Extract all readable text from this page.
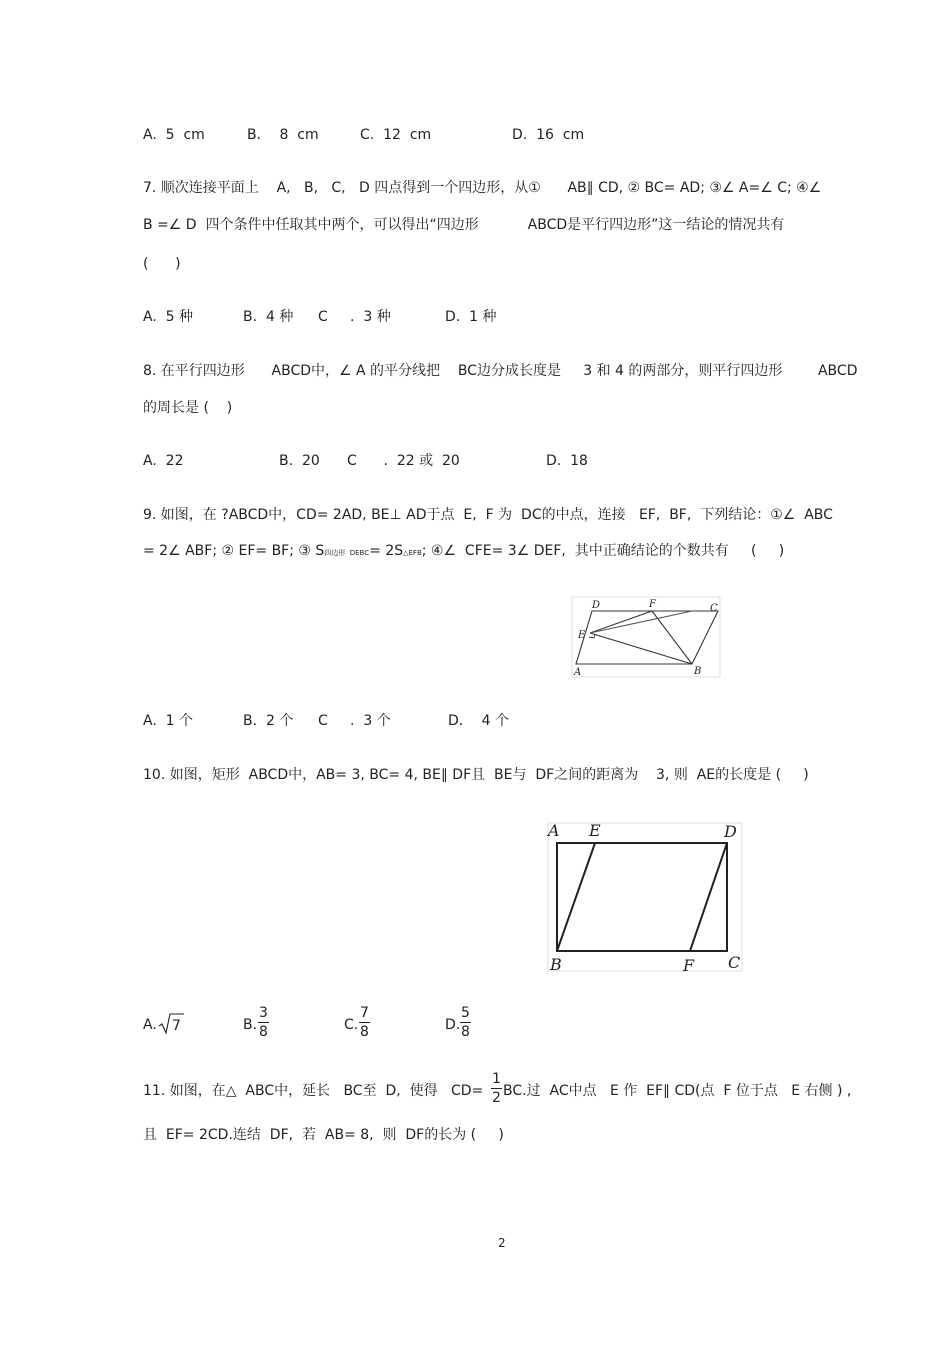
A.  5  cm	B．  8  cm	C.  12  cm	D.  16  cm
7. 顺次连接平面上    A,   B,   C,   D 四点得到一个四边形，从①      AB∥ CD, ② BC= AD; ③∠ A=∠ C; ④∠
B =∠ D  四个条件中任取其中两个，可以得出“四边形           ABCD是平行四边形”这一结论的情况共有
(      )
A.  5 种	B.  4 种 C     .  3 种	D.  1 种
8. 在平行四边形      ABCD中，∠ A 的平分线把    BC边分成长度是     3 和 4 的两部分，则平行四边形        ABCD
的周长是 (    )
A.  22	B.  20 C      .  22 或  20	D.  18
9. 如图，在 ?ABCD中，CD= 2AD, BE⊥ AD于点  E,  F 为  DC的中点，连接   EF,  BF,  下列结论：①∠  ABC
= 2∠ ABF; ② EF= BF; ③ S四边形  DEBC= 2S△EFB; ④∠  CFE= 3∠ DEF,  其中正确结论的个数共有     (     )
D	F	C
E
A	B
A.  1 个	B.  2 个 C     .  3 个	D．  4 个
10. 如图，矩形  ABCD中，AB= 3, BC= 4, BE∥ DF且  BE与  DF之间的距离为    3, 则  AE的长度是 (     )
A E	D
B	F C
A. 7	B.
3
8	C.
7
8	D.
5
8
11. 如图，在△  ABC中，延长   BC至  D,  使得   CD=
1
2 BC.过  AC中点   E 作  EF∥ CD(点  F 位于点   E 右侧 ) ,
且  EF= 2CD.连结  DF,  若  AB= 8,  则  DF的长为 (     )
2
